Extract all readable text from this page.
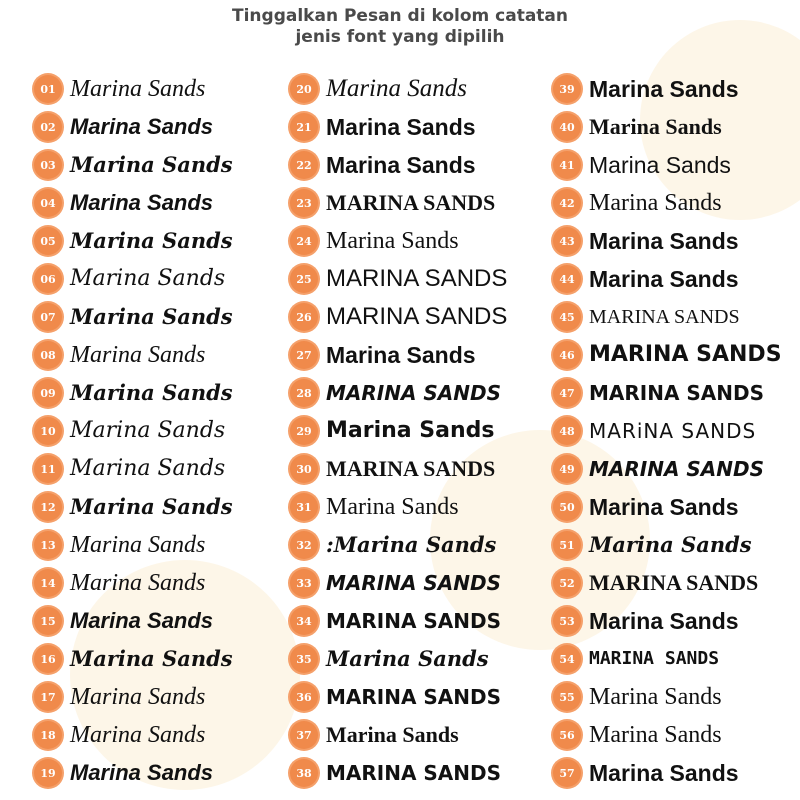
Tinggalkan Pesan di kolom catatan
jenis font yang dipilih
01 Marina Sands
02 Marina Sands
03 Marina Sands
04 Marina Sands
05 Marina Sands
06 Marina Sands
07 Marina Sands
08 Marina Sands
09 Marina Sands
10 Marina Sands
11 Marina Sands
12 Marina Sands
13 Marina Sands
14 Marina Sands
15 Marina Sands
16 Marina Sands
17 Marina Sands
18 Marina Sands
19 Marina Sands
20 Marina Sands
21 Marina Sands
22 Marina Sands
23 MARINA SANDS
24 Marina Sands
25 MARINA SANDS
26 MARINA SANDS
27 Marina Sands
28 MARINA SANDS
29 Marina Sands
30 MARINA SANDS
31 Marina Sands
32 :Marina Sands
33 MARINA SANDS
34 MARINA SANDS
35 Marina Sands
36 MARINA SANDS
37 Marina Sands
38 MARINA SANDS
39 Marina Sands
40 Marina Sands
41 Marina Sands
42 Marina Sands
43 Marina Sands
44 Marina Sands
45 MARINA SANDS
46 MARINA SANDS
47 MARINA SANDS
48 MARiNA SANDS
49 MARINA SANDS
50 Marina Sands
51 Marina Sands
52 MARINA SANDS
53 Marina Sands
54 MARINA SANDS
55 Marina Sands
56 Marina Sands
57 Marina Sands
